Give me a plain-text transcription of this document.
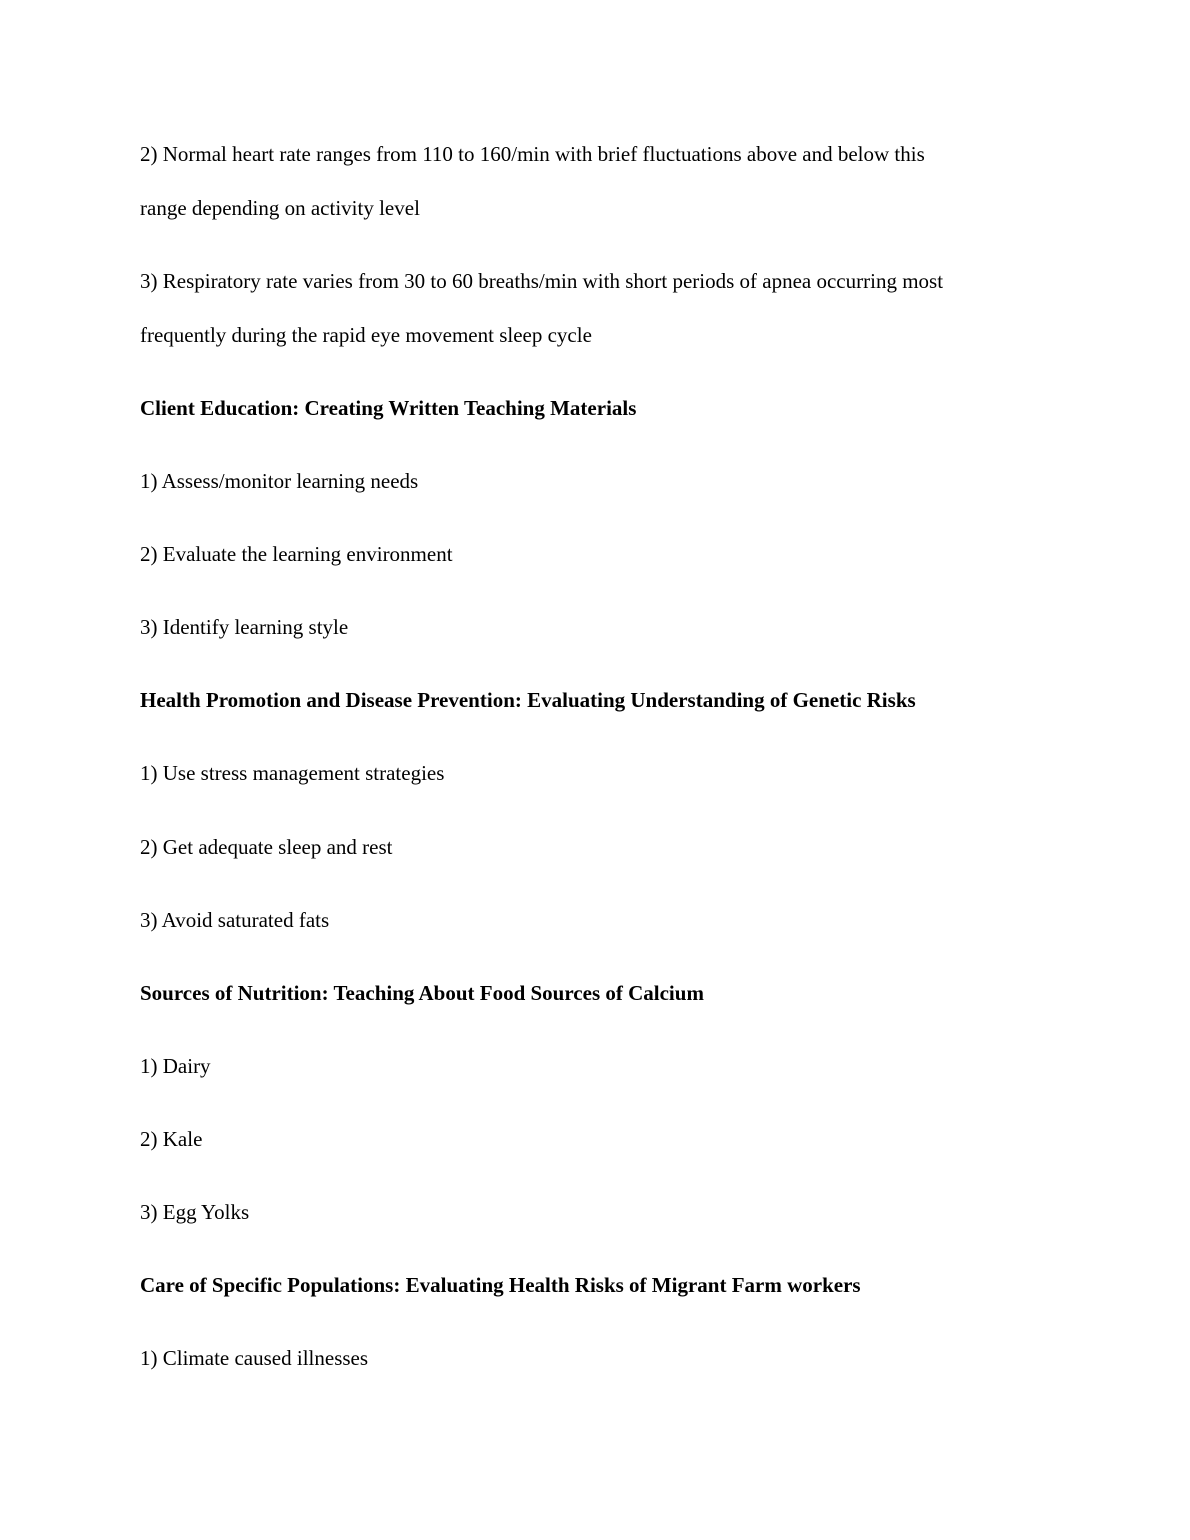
2) Normal heart rate ranges from 110 to 160/min with brief fluctuations above and below this
range depending on activity level
3) Respiratory rate varies from 30 to 60 breaths/min with short periods of apnea occurring most
frequently during the rapid eye movement sleep cycle
Client Education: Creating Written Teaching Materials
1) Assess/monitor learning needs
2) Evaluate the learning environment
3) Identify learning style
Health Promotion and Disease Prevention: Evaluating Understanding of Genetic Risks
1) Use stress management strategies
2) Get adequate sleep and rest
3) Avoid saturated fats
Sources of Nutrition: Teaching About Food Sources of Calcium
1) Dairy
2) Kale
3) Egg Yolks
Care of Specific Populations: Evaluating Health Risks of Migrant Farm workers
1) Climate caused illnesses
